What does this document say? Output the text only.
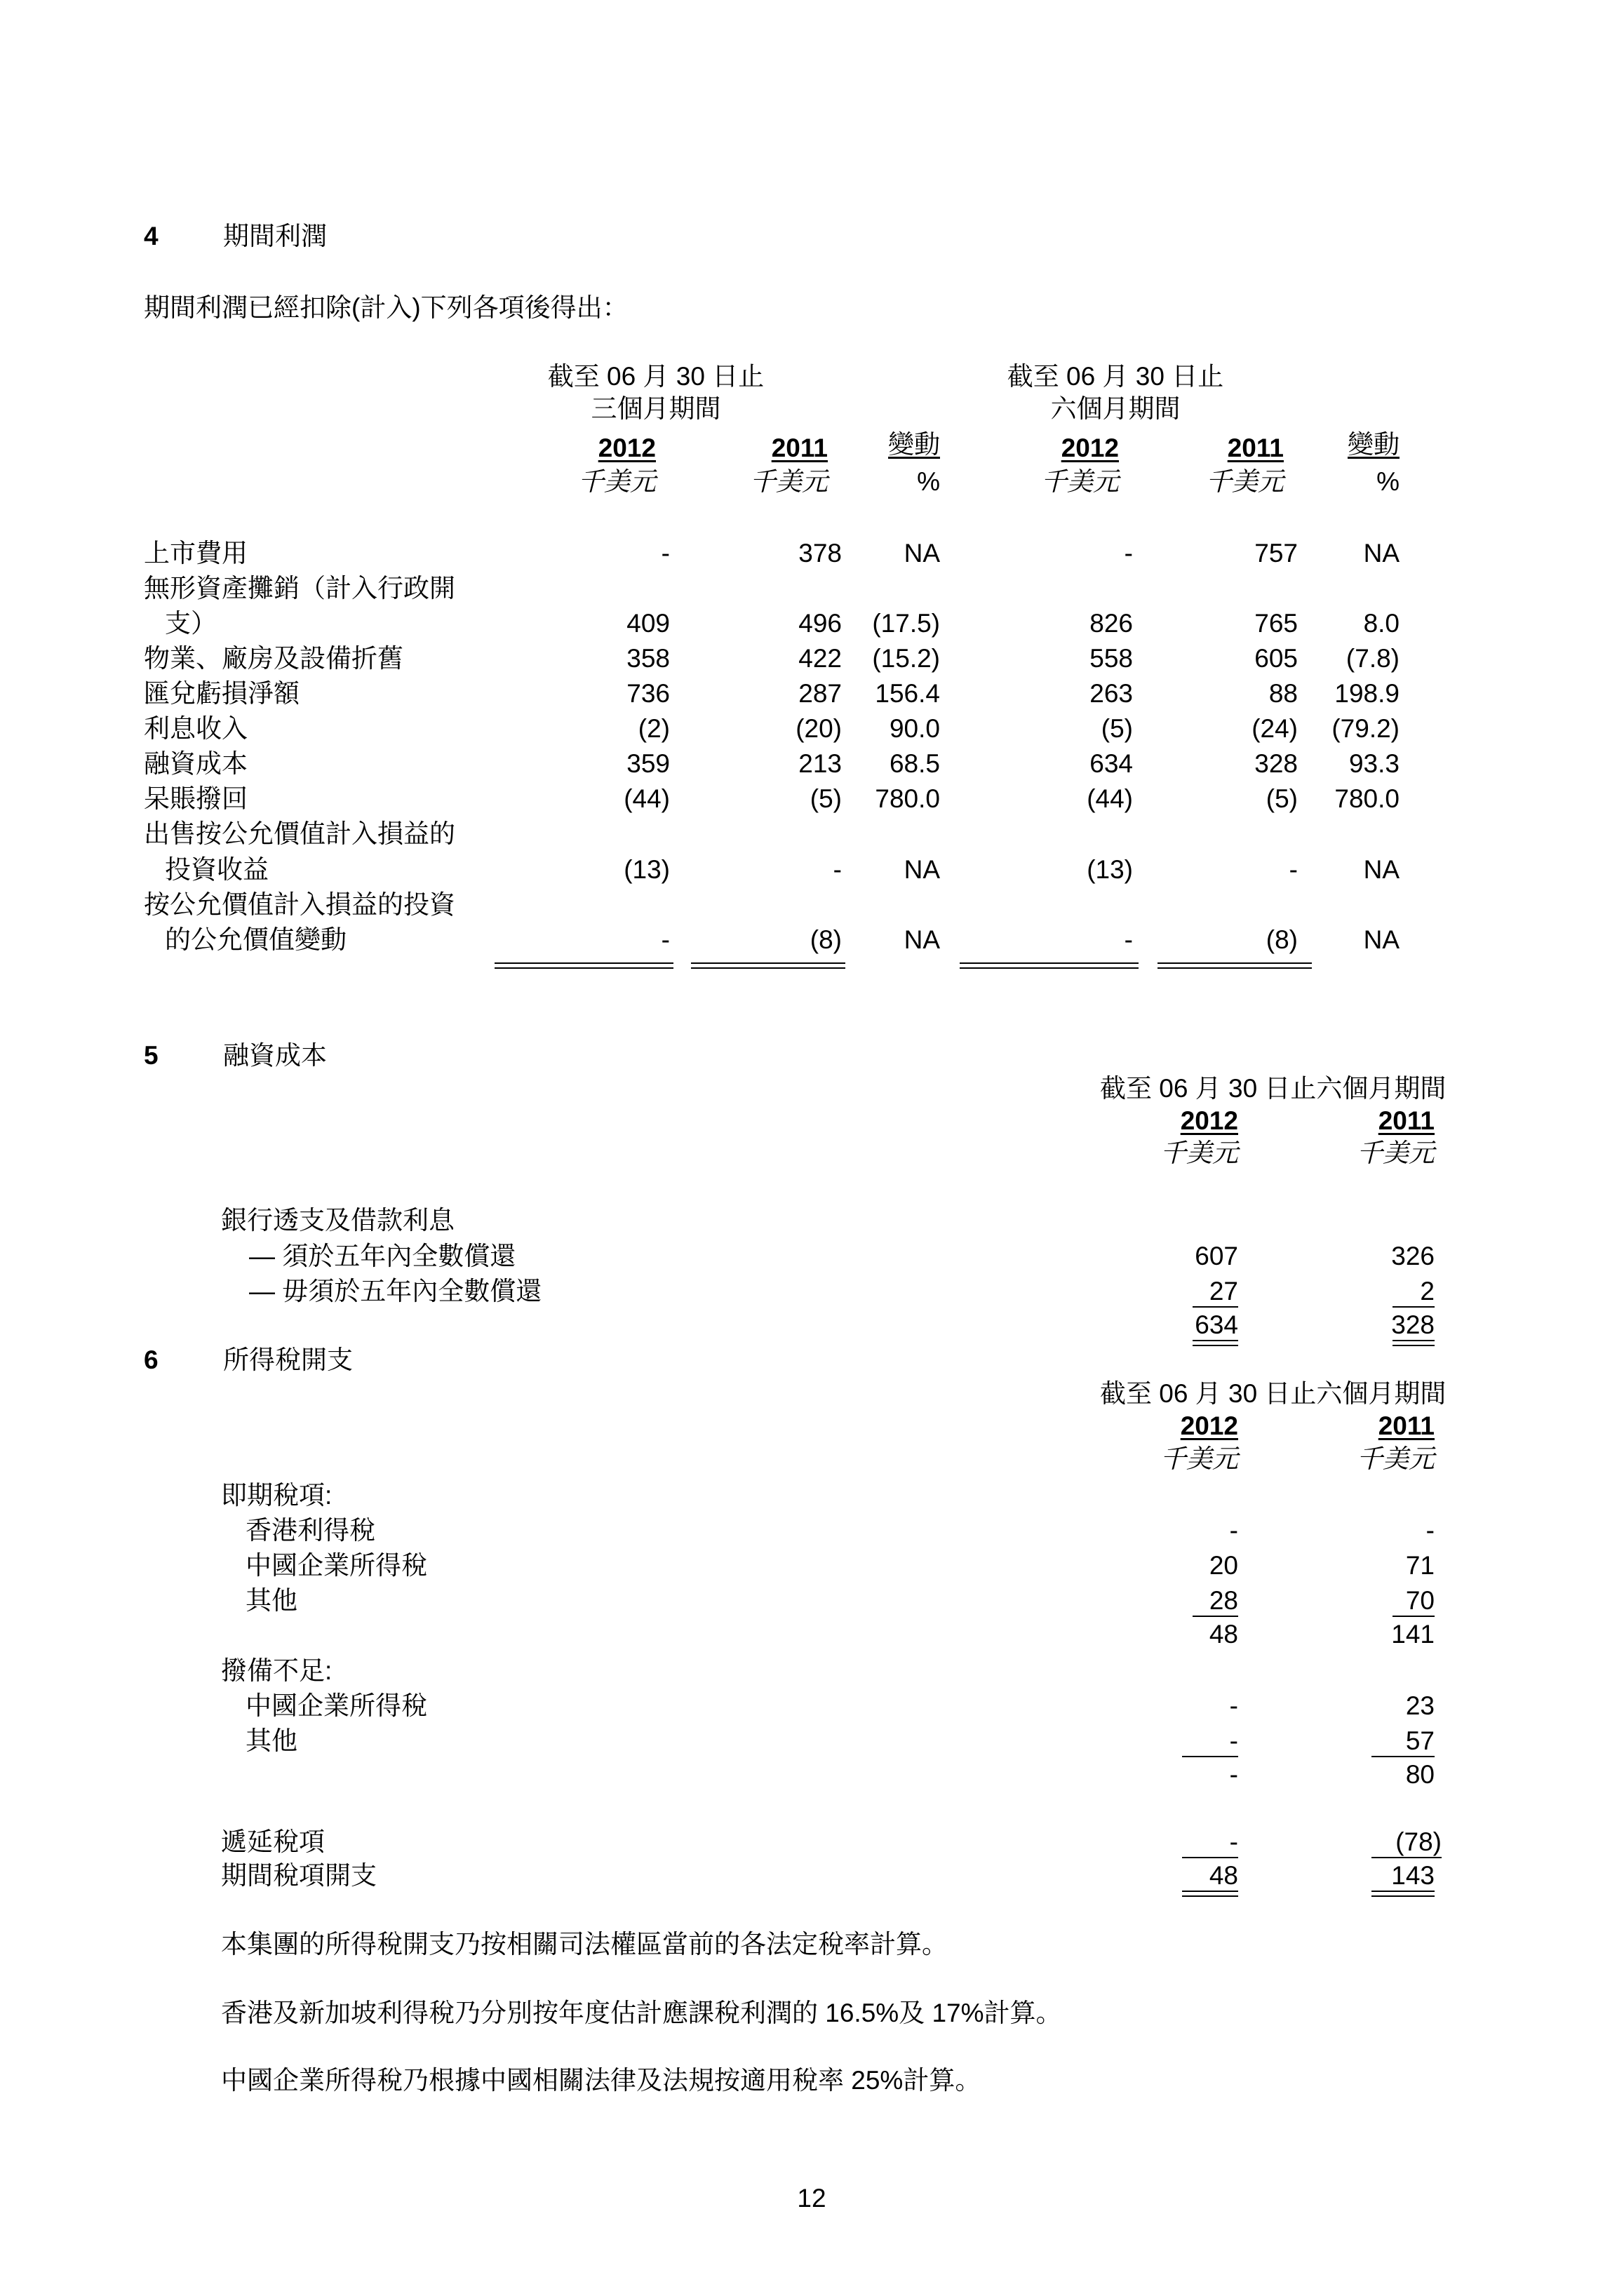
4 期間利潤
期間利潤已經扣除(計入)下列各項後得出：
截至 06 月 30 日止
三個月期間
截至 06 月 30 日止
六個月期間
2012	2011	變動	2012	2011	變動
千美元	千美元	%	千美元	千美元	%
上市費用	-	378	NA	-	757	NA
無形資產攤銷（計入行政開
支）	409	496	(17.5)	826	765	8.0
物業、廠房及設備折舊	358	422	(15.2)	558	605	(7.8)
匯兌虧損淨額	736	287	156.4	263	88	198.9
利息收入	(2)	(20)	90.0	(5)	(24)	(79.2)
融資成本	359	213	68.5	634	328	93.3
呆賬撥回	(44)	(5)	780.0	(44)	(5)	780.0
出售按公允價值計入損益的
投資收益	(13)	-	NA	(13)	-	NA
按公允價值計入損益的投資
的公允價值變動	-	(8)	NA	-	(8)	NA
5 融資成本
截至 06 月 30 日止六個月期間
2012	2011
千美元	千美元
銀行透支及借款利息
— 須於五年內全數償還	607	326
— 毋須於五年內全數償還	27	2
634	328
6 所得稅開支
截至 06 月 30 日止六個月期間
2012	2011
千美元	千美元
即期稅項:
香港利得稅	-	-
中國企業所得稅	20	71
其他	28	70
48	141
撥備不足:
中國企業所得稅	-	23
其他	-	57
-	80
遞延稅項	-	(78)
期間稅項開支	48	143
本集團的所得稅開支乃按相關司法權區當前的各法定稅率計算。
香港及新加坡利得稅乃分別按年度估計應課稅利潤的 16.5%及 17%計算。
中國企業所得稅乃根據中國相關法律及法規按適用稅率 25%計算。
12
